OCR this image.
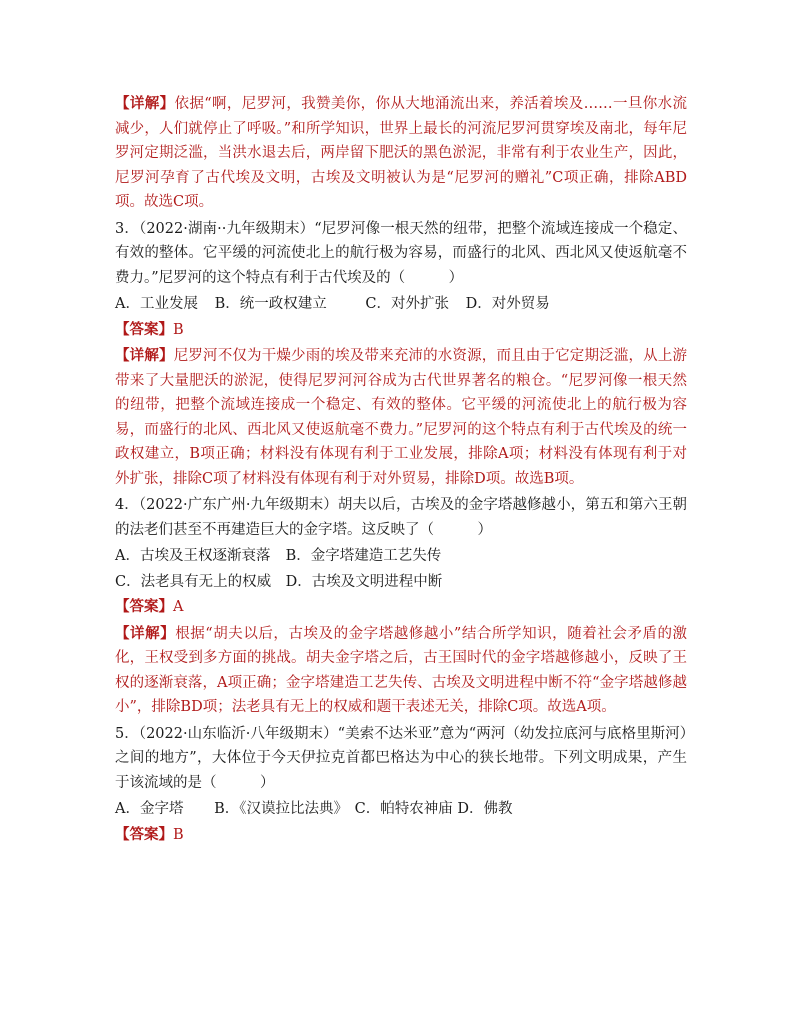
【详解】依据“啊，尼罗河，我赞美你，你从大地涌流出来，养活着埃及……一旦你水流减少，人们就停止了呼吸。”和所学知识，世界上最长的河流尼罗河贯穿埃及南北，每年尼罗河定期泛滥，当洪水退去后，两岸留下肥沃的黑色淤泥，非常有利于农业生产，因此，尼罗河孕育了古代埃及文明，古埃及文明被认为是“尼罗河的赠礼”C项正确，排除ABD项。故选C项。

3．（2022·湖南··九年级期末）“尼罗河像一根天然的纽带，把整个流域连接成一个稳定、有效的整体。它平缓的河流使北上的航行极为容易，而盛行的北风、西北风又使返航毫不费力。”尼罗河的这个特点有利于古代埃及的（　　　）

A．工业发展 B．统一政权建立	C．对外扩张 D．对外贸易

【答案】B

【详解】尼罗河不仅为干燥少雨的埃及带来充沛的水资源，而且由于它定期泛滥，从上游带来了大量肥沃的淤泥，使得尼罗河河谷成为古代世界著名的粮仓。“尼罗河像一根天然的纽带，把整个流域连接成一个稳定、有效的整体。它平缓的河流使北上的航行极为容易，而盛行的北风、西北风又使返航毫不费力。”尼罗河的这个特点有利于古代埃及的统一政权建立，B项正确；材料没有体现有利于工业发展，排除A项；材料没有体现有利于对外扩张，排除C项了材料没有体现有利于对外贸易，排除D项。故选B项。

4．（2022·广东广州·九年级期末）胡夫以后，古埃及的金字塔越修越小，第五和第六王朝的法老们甚至不再建造巨大的金字塔。这反映了（　　　）

A．古埃及王权逐渐衰落 B．金字塔建造工艺失传
C．法老具有无上的权威 D．古埃及文明进程中断

【答案】A

【详解】根据“胡夫以后，古埃及的金字塔越修越小”结合所学知识，随着社会矛盾的激化，王权受到多方面的挑战。胡夫金字塔之后，古王国时代的金字塔越修越小，反映了王权的逐渐衰落，A项正确；金字塔建造工艺失传、古埃及文明进程中断不符“金字塔越修越小”，排除BD项；法老具有无上的权威和题干表述无关，排除C项。故选A项。

5．（2022·山东临沂·八年级期末）“美索不达米亚”意为“两河（幼发拉底河与底格里斯河）之间的地方”，大体位于今天伊拉克首都巴格达为中心的狭长地带。下列文明成果，产生于该流域的是（　　　）

A．金字塔 B．《汉谟拉比法典》 C．帕特农神庙 D．佛教

【答案】B
